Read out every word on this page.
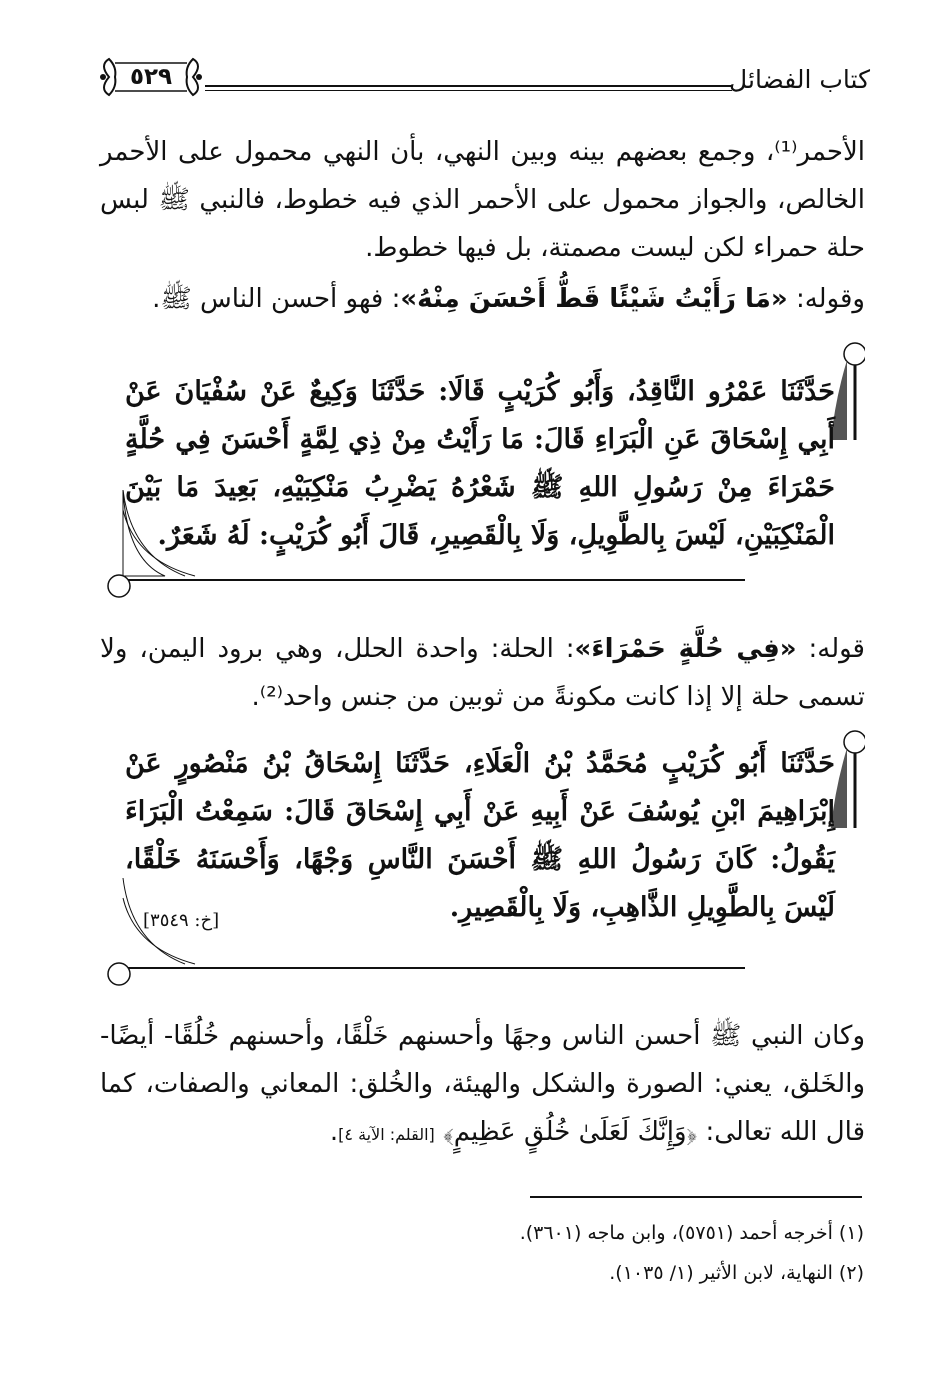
كتاب الفضائل
٥٢٩

الأحمر⁽¹⁾، وجمع بعضهم بينه وبين النهي، بأن النهي محمول على الأحمر الخالص، والجواز محمول على الأحمر الذي فيه خطوط، فالنبي ﷺ لبس حلة حمراء لكن ليست مصمتة، بل فيها خطوط.

وقوله: «مَا رَأَيْتُ شَيْئًا قَطُّ أَحْسَنَ مِنْهُ»: فهو أحسن الناس ﷺ.

حَدَّثَنَا عَمْرُو النَّاقِدُ، وَأَبُو كُرَيْبٍ قَالَا: حَدَّثَنَا وَكِيعٌ عَنْ سُفْيَانَ عَنْ أَبِي إِسْحَاقَ عَنِ الْبَرَاءِ قَالَ: مَا رَأَيْتُ مِنْ ذِي لِمَّةٍ أَحْسَنَ فِي حُلَّةٍ حَمْرَاءَ مِنْ رَسُولِ اللهِ ﷺ شَعْرُهُ يَضْرِبُ مَنْكِبَيْهِ، بَعِيدَ مَا بَيْنَ الْمَنْكِبَيْنِ، لَيْسَ بِالطَّوِيلِ، وَلَا بِالْقَصِيرِ، قَالَ أَبُو كُرَيْبٍ: لَهُ شَعَرٌ.

قوله: «فِي حُلَّةٍ حَمْرَاءَ»: الحلة: واحدة الحلل، وهي برود اليمن، ولا تسمى حلة إلا إذا كانت مكونةً من ثوبين من جنس واحد⁽²⁾.

حَدَّثَنَا أَبُو كُرَيْبٍ مُحَمَّدُ بْنُ الْعَلَاءِ، حَدَّثَنَا إِسْحَاقُ بْنُ مَنْصُورٍ عَنْ إِبْرَاهِيمَ ابْنِ يُوسُفَ عَنْ أَبِيهِ عَنْ أَبِي إِسْحَاقَ قَالَ: سَمِعْتُ الْبَرَاءَ يَقُولُ: كَانَ رَسُولُ اللهِ ﷺ أَحْسَنَ النَّاسِ وَجْهًا، وَأَحْسَنَهُ خَلْقًا، لَيْسَ بِالطَّوِيلِ الذَّاهِبِ، وَلَا بِالْقَصِيرِ.

[خ: ٣٥٤٩]

وكان النبي ﷺ أحسن الناس وجهًا وأحسنهم خَلْقًا، وأحسنهم خُلُقًا- أيضًا- والخَلق، يعني: الصورة والشكل والهيئة، والخُلق: المعاني والصفات، كما قال الله تعالى: ﴿وَإِنَّكَ لَعَلَىٰ خُلُقٍ عَظِيمٍ﴾ [القلم: الآية ٤].

(١) أخرجه أحمد (٥٧٥١)، وابن ماجه (٣٦٠١).
(٢) النهاية، لابن الأثير (١/ ١٠٣٥).
